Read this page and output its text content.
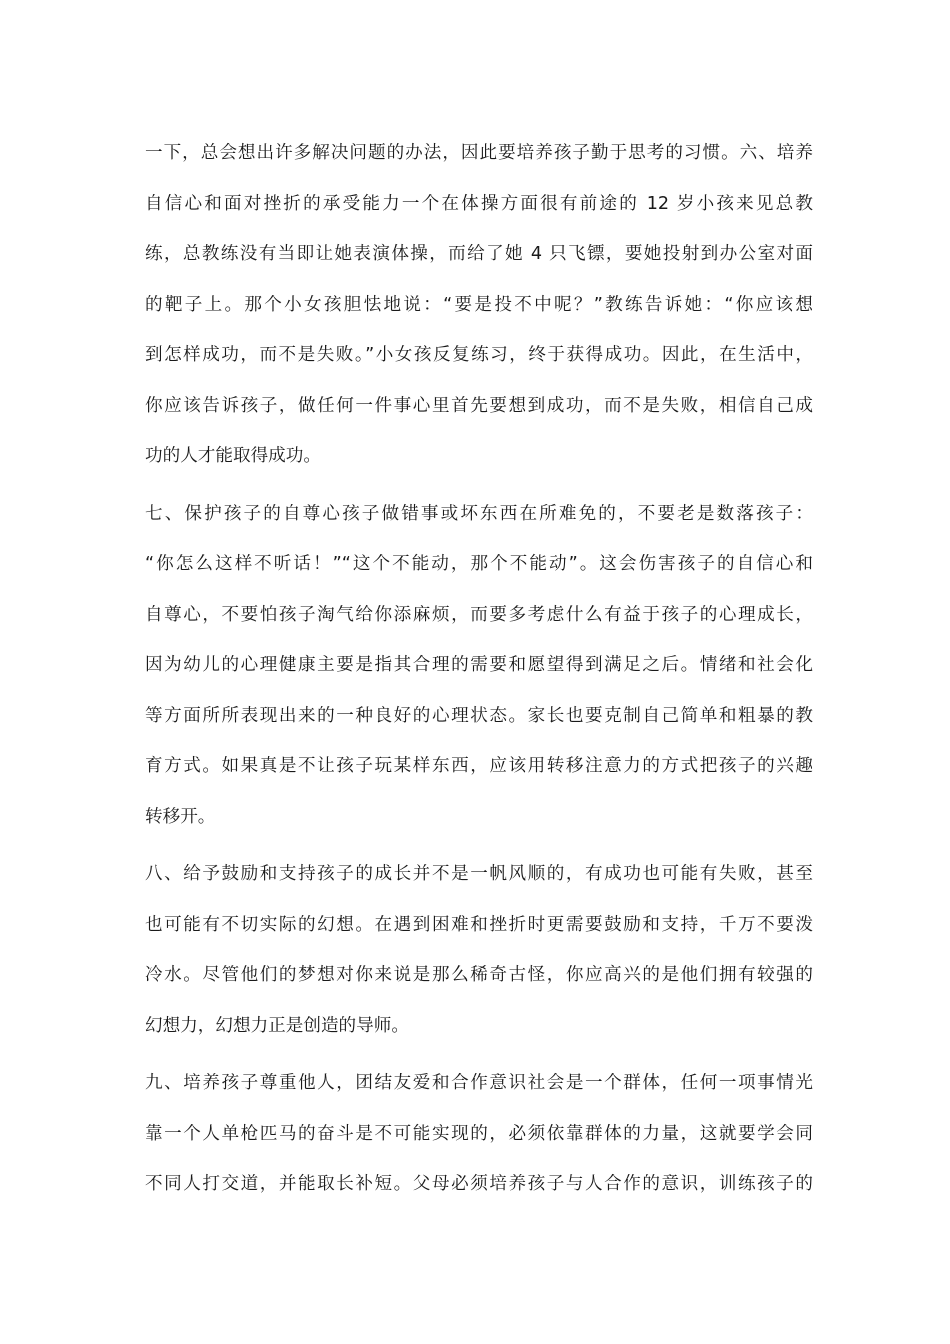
一下，总会想出许多解决问题的办法，因此要培养孩子勤于思考的习惯。六、培养
自信心和面对挫折的承受能力一个在体操方面很有前途的 12 岁小孩来见总教
练，总教练没有当即让她表演体操，而给了她 4 只飞镖，要她投射到办公室对面
的靶子上。那个小女孩胆怯地说：“要是投不中呢？”教练告诉她：“你应该想
到怎样成功，而不是失败。”小女孩反复练习，终于获得成功。因此，在生活中，
你应该告诉孩子，做任何一件事心里首先要想到成功，而不是失败，相信自己成
功的人才能取得成功。
七、保护孩子的自尊心孩子做错事或坏东西在所难免的，不要老是数落孩子：
“你怎么这样不听话！”“这个不能动，那个不能动”。这会伤害孩子的自信心和
自尊心，不要怕孩子淘气给你添麻烦，而要多考虑什么有益于孩子的心理成长，
因为幼儿的心理健康主要是指其合理的需要和愿望得到满足之后。情绪和社会化
等方面所所表现出来的一种良好的心理状态。家长也要克制自己简单和粗暴的教
育方式。如果真是不让孩子玩某样东西，应该用转移注意力的方式把孩子的兴趣
转移开。
八、给予鼓励和支持孩子的成长并不是一帆风顺的，有成功也可能有失败，甚至
也可能有不切实际的幻想。在遇到困难和挫折时更需要鼓励和支持，千万不要泼
冷水。尽管他们的梦想对你来说是那么稀奇古怪，你应高兴的是他们拥有较强的
幻想力，幻想力正是创造的导师。
九、培养孩子尊重他人，团结友爱和合作意识社会是一个群体，任何一项事情光
靠一个人单枪匹马的奋斗是不可能实现的，必须依靠群体的力量，这就要学会同
不同人打交道，并能取长补短。父母必须培养孩子与人合作的意识，训练孩子的
